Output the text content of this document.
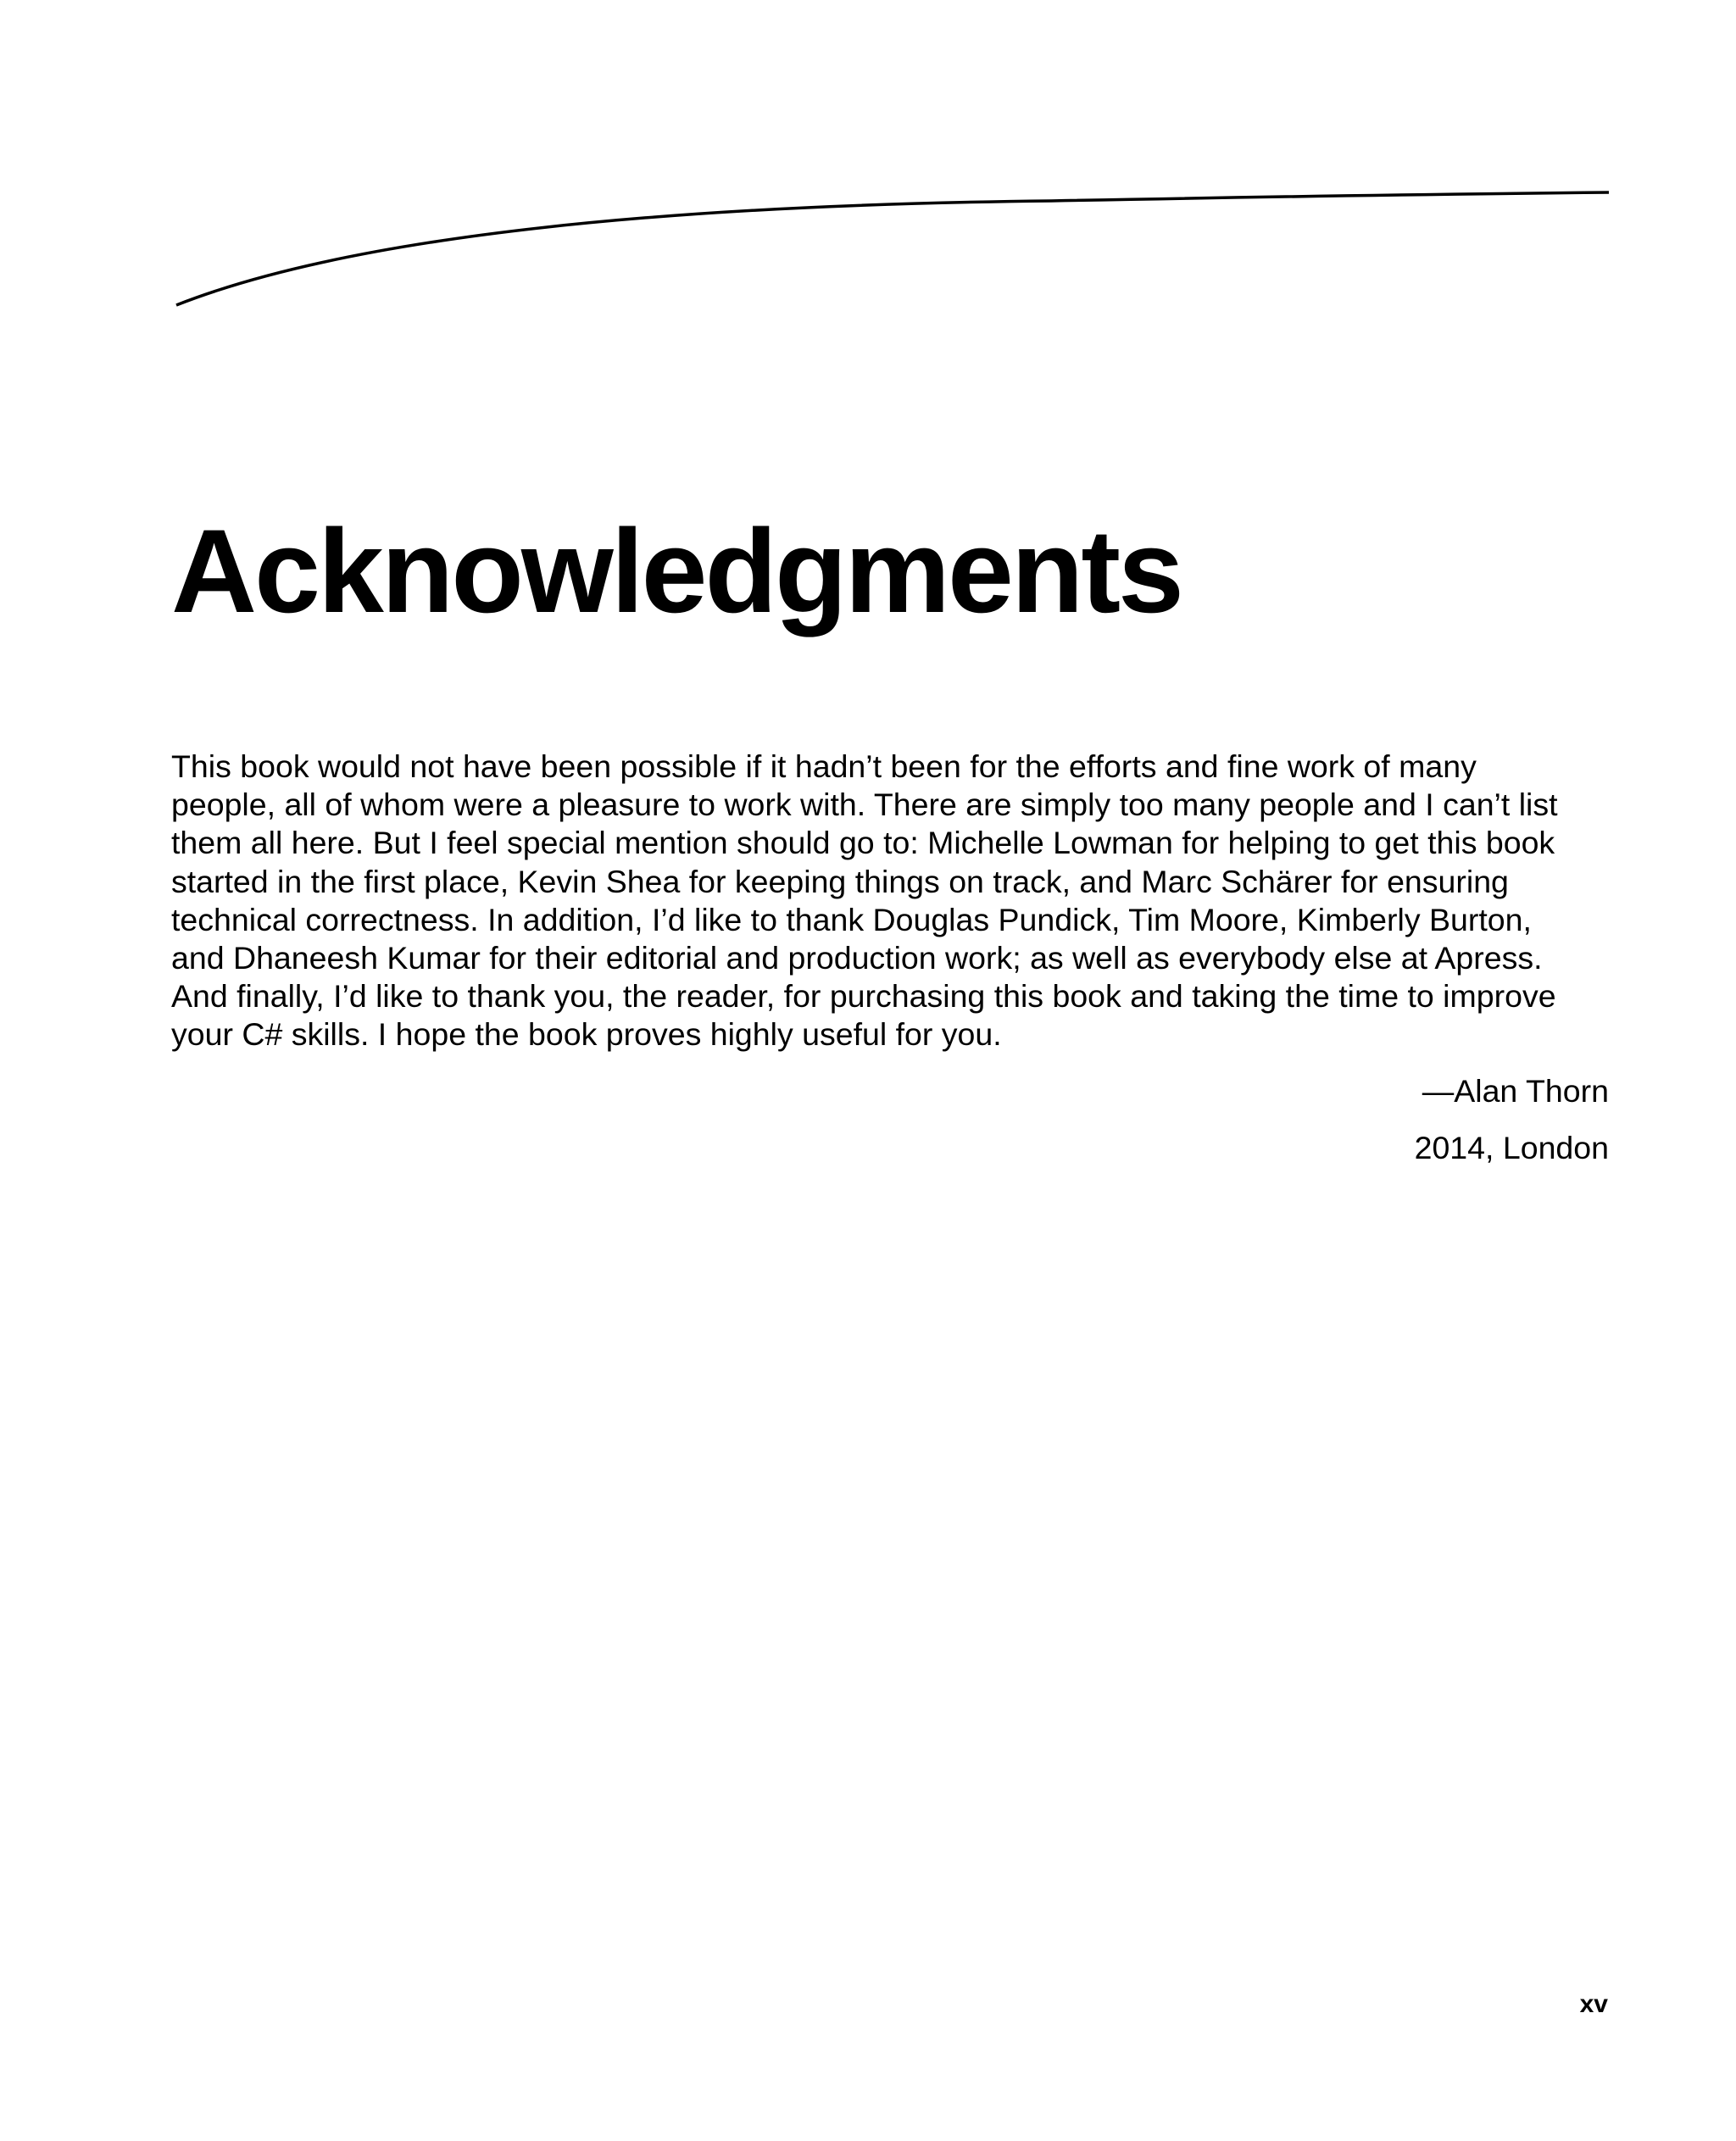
Acknowledgments
This book would not have been possible if it hadn’t been for the efforts and fine work of many
people, all of whom were a pleasure to work with. There are simply too many people and I can’t list
them all here. But I feel special mention should go to: Michelle Lowman for helping to get this book
started in the first place, Kevin Shea for keeping things on track, and Marc Schärer for ensuring
technical correctness. In addition, I’d like to thank Douglas Pundick, Tim Moore, Kimberly Burton,
and Dhaneesh Kumar for their editorial and production work; as well as everybody else at Apress.
And finally, I’d like to thank you, the reader, for purchasing this book and taking the time to improve
your C# skills. I hope the book proves highly useful for you.
—Alan Thorn
2014, London
xv
